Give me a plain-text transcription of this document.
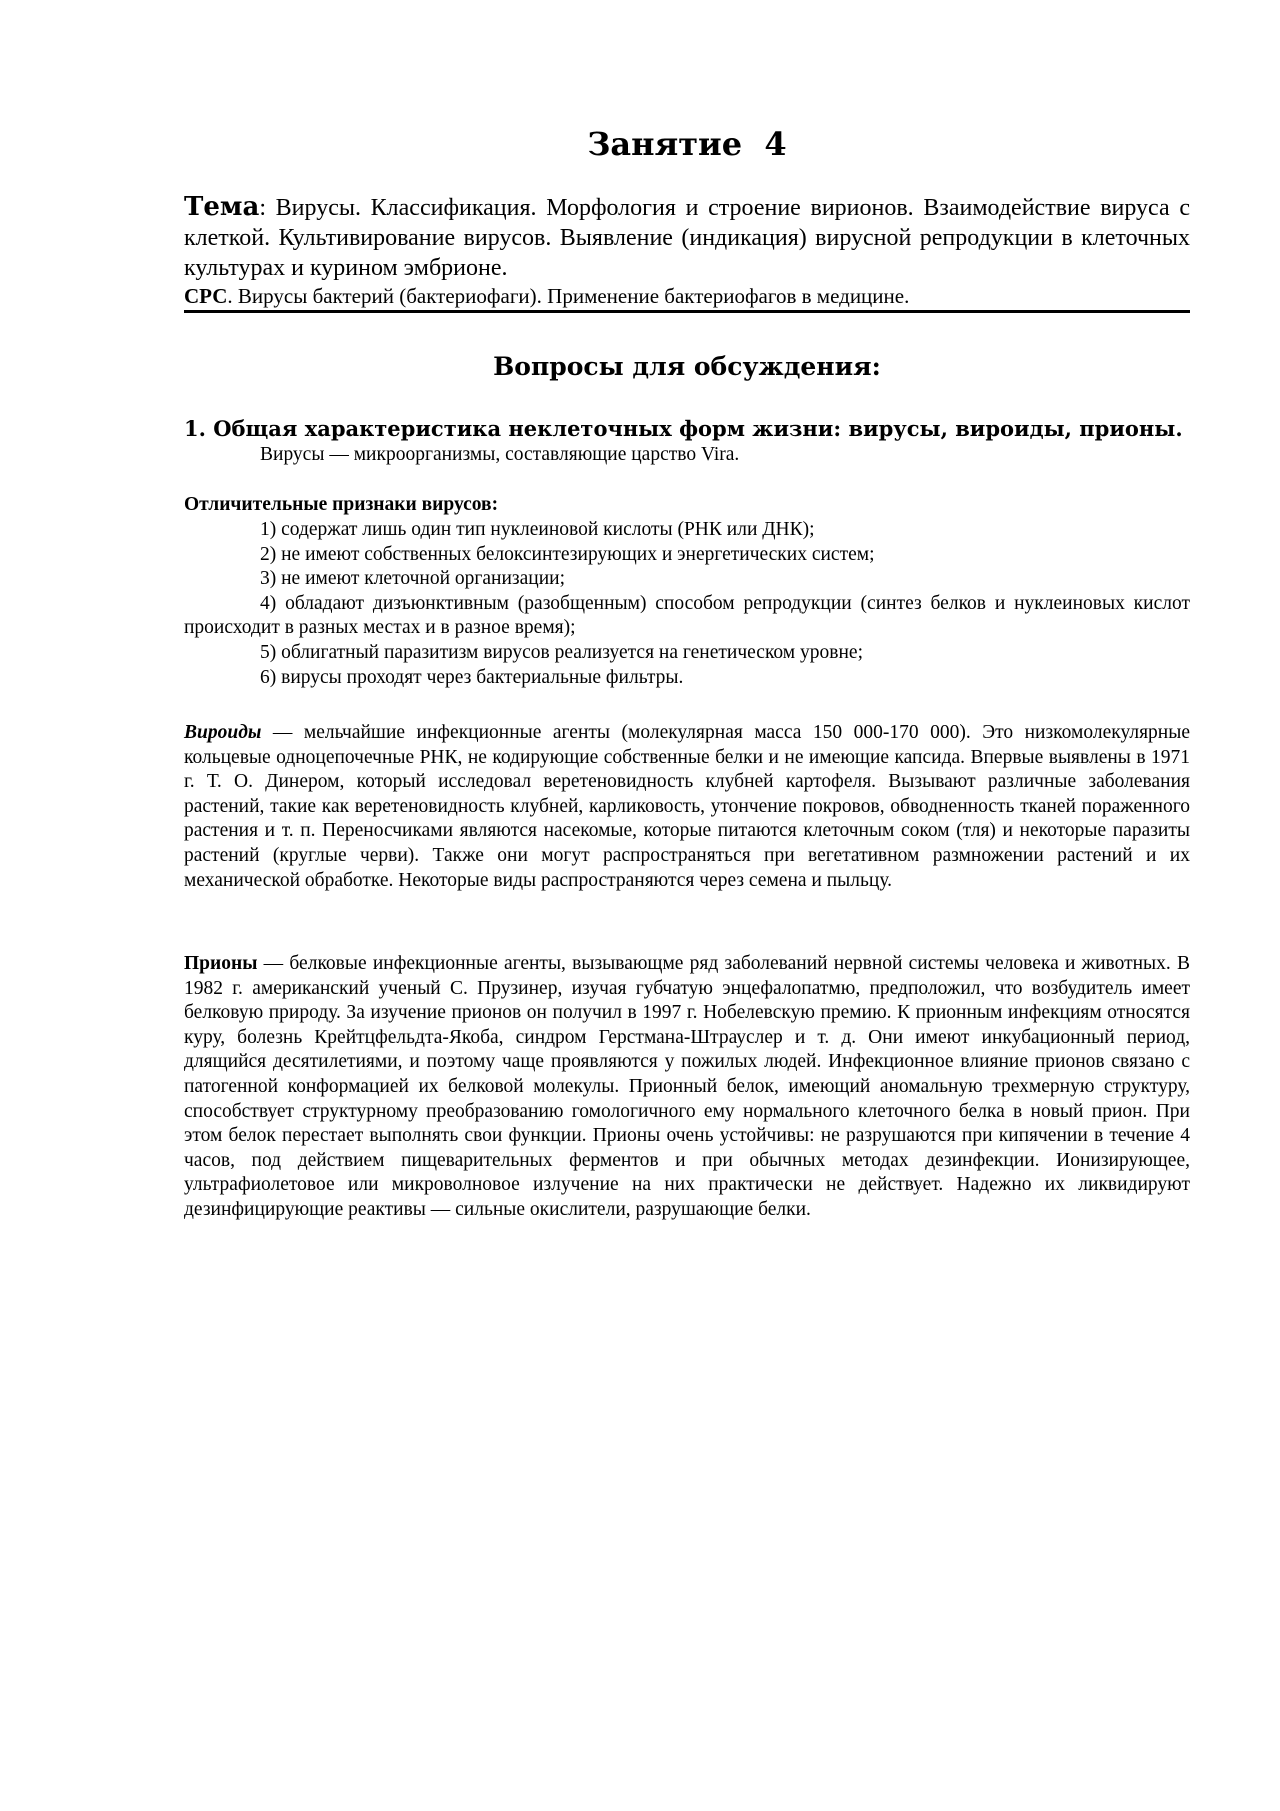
Занятие  4
Тема: Вирусы. Классификация. Морфология и строение вирионов. Взаимодействие вируса с клеткой. Культивирование вирусов. Выявление (индикация) вирусной репродукции в клеточных культурах и курином эмбрионе.
СРС. Вирусы бактерий (бактериофаги). Применение бактериофагов в медицине.
Вопросы для обсуждения:
1. Общая характеристика неклеточных форм жизни: вирусы, вироиды, прионы.

Вирусы — микроорганизмы, составляющие царство Vira.

Отличительные признаки вирусов:

1) содержат лишь один тип нуклеиновой кислоты (РНК или ДНК);

2) не имеют собственных белоксинтезирующих и энергетических систем;

3) не имеют клеточной организации;

4) обладают дизъюнктивным (разобщенным) способом репродукции (синтез белков и нуклеиновых кислот происходит в разных местах и в разное время);

5) облигатный паразитизм вирусов реализуется на генетическом уровне;

6) вирусы проходят через бактериальные фильтры.

Вироиды — мельчайшие инфекционные агенты (молекулярная масса 150 000-170 000). Это низкомолекулярные кольцевые одноцепочечные РНК, не кодирующие собственные белки и не имеющие капсида. Впервые выявлены в 1971 г. Т. О. Динером, который исследовал веретеновидность клубней картофеля. Вызывают различные заболевания растений, такие как веретеновидность клубней, карликовость, утончение покровов, обводненность тканей пораженного растения и т. п. Переносчиками являются насекомые, которые питаются клеточным соком (тля) и некоторые паразиты растений (круглые черви). Также они могут распространяться при вегетативном размножении растений и их механической обработке. Некоторые виды распространяются через семена и пыльцу.

Прионы — белковые инфекционные агенты, вызывающме ряд заболеваний нервной системы человека и животных. В 1982 г. американский ученый С. Прузинер, изучая губчатую энцефалопатмю, предположил, что возбудитель имеет белковую природу. За изучение прионов он получил в 1997 г. Нобелевскую премию. К прионным инфекциям относятся куру, болезнь Крейтцфельдта-Якоба, синдром Герстмана-Штрауслер и т. д. Они имеют инкубационный период, длящийся десятилетиями, и поэтому чаще проявляются у пожилых людей. Инфекционное влияние прионов связано с патогенной конформацией их белковой молекулы. Прионный белок, имеющий аномальную трехмерную структуру, способствует структурному преобразованию гомологичного ему нормального клеточного белка в новый прион. При этом белок перестает выполнять свои функции. Прионы очень устойчивы: не разрушаются при кипячении в течение 4 часов, под действием пищеварительных ферментов и при обычных методах дезинфекции. Ионизирующее, ультрафиолетовое или микроволновое излучение на них практически не действует. Надежно их ликвидируют дезинфицирующие реактивы — сильные окислители, разрушающие белки.
